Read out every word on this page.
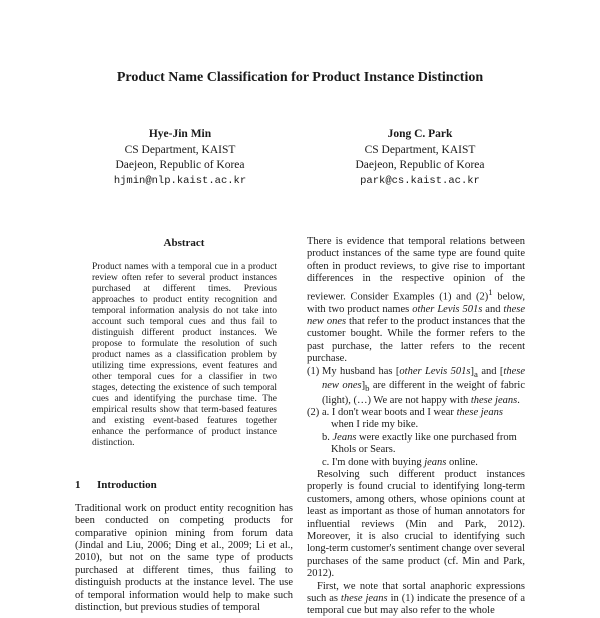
Product Name Classification for Product Instance Distinction
Hye-Jin Min
CS Department, KAIST
Daejeon, Republic of Korea
hjmin@nlp.kaist.ac.kr
Jong C. Park
CS Department, KAIST
Daejeon, Republic of Korea
park@cs.kaist.ac.kr
Abstract

Product names with a temporal cue in a product review often refer to several product instances purchased at different times. Previous approaches to product entity recognition and temporal information analysis do not take into account such temporal cues and thus fail to distinguish different product instances. We propose to formulate the resolution of such product names as a classification problem by utilizing time expressions, event features and other temporal cues for a classifier in two stages, detecting the existence of such temporal cues and identifying the purchase time. The empirical results show that term-based features and existing event-based features together enhance the performance of product instance distinction.

1 Introduction

Traditional work on product entity recognition has been conducted on competing products for comparative opinion mining from forum data (Jindal and Liu, 2006; Ding et al., 2009; Li et al., 2010), but not on the same type of products purchased at different times, thus failing to distinguish products at the instance level. The use of temporal information would help to make such distinction, but previous studies of temporal

There is evidence that temporal relations between product instances of the same type are found quite often in product reviews, to give rise to important differences in the respective opinion of the reviewer. Consider Examples (1) and $(2)^1$ below, with two product names other Levis 501s and these new ones that refer to the product instances that the customer bought. While the former refers to the past purchase, the latter refers to the recent purchase.

(1) My husband has [other Levis $501s]_a$ and [these new $ones]_b$ are different in the weight of fabric (light), (…) We are not happy with these jeans.
(2) a. I don't wear boots and I wear these jeans
when I ride my bike.
b. Jeans were exactly like one purchased from
Khols or Sears.
c. I'm done with buying jeans online.

Resolving such different product instances properly is found crucial to identifying long-term customers, among others, whose opinions count at least as important as those of human annotators for influential reviews (Min and Park, 2012). Moreover, it is also crucial to identifying such long-term customer's sentiment change over several purchases of the same product (cf. Min and Park, 2012).

First, we note that sortal anaphoric expressions such as these jeans in (1) indicate the presence of a temporal cue but may also refer to the whole
